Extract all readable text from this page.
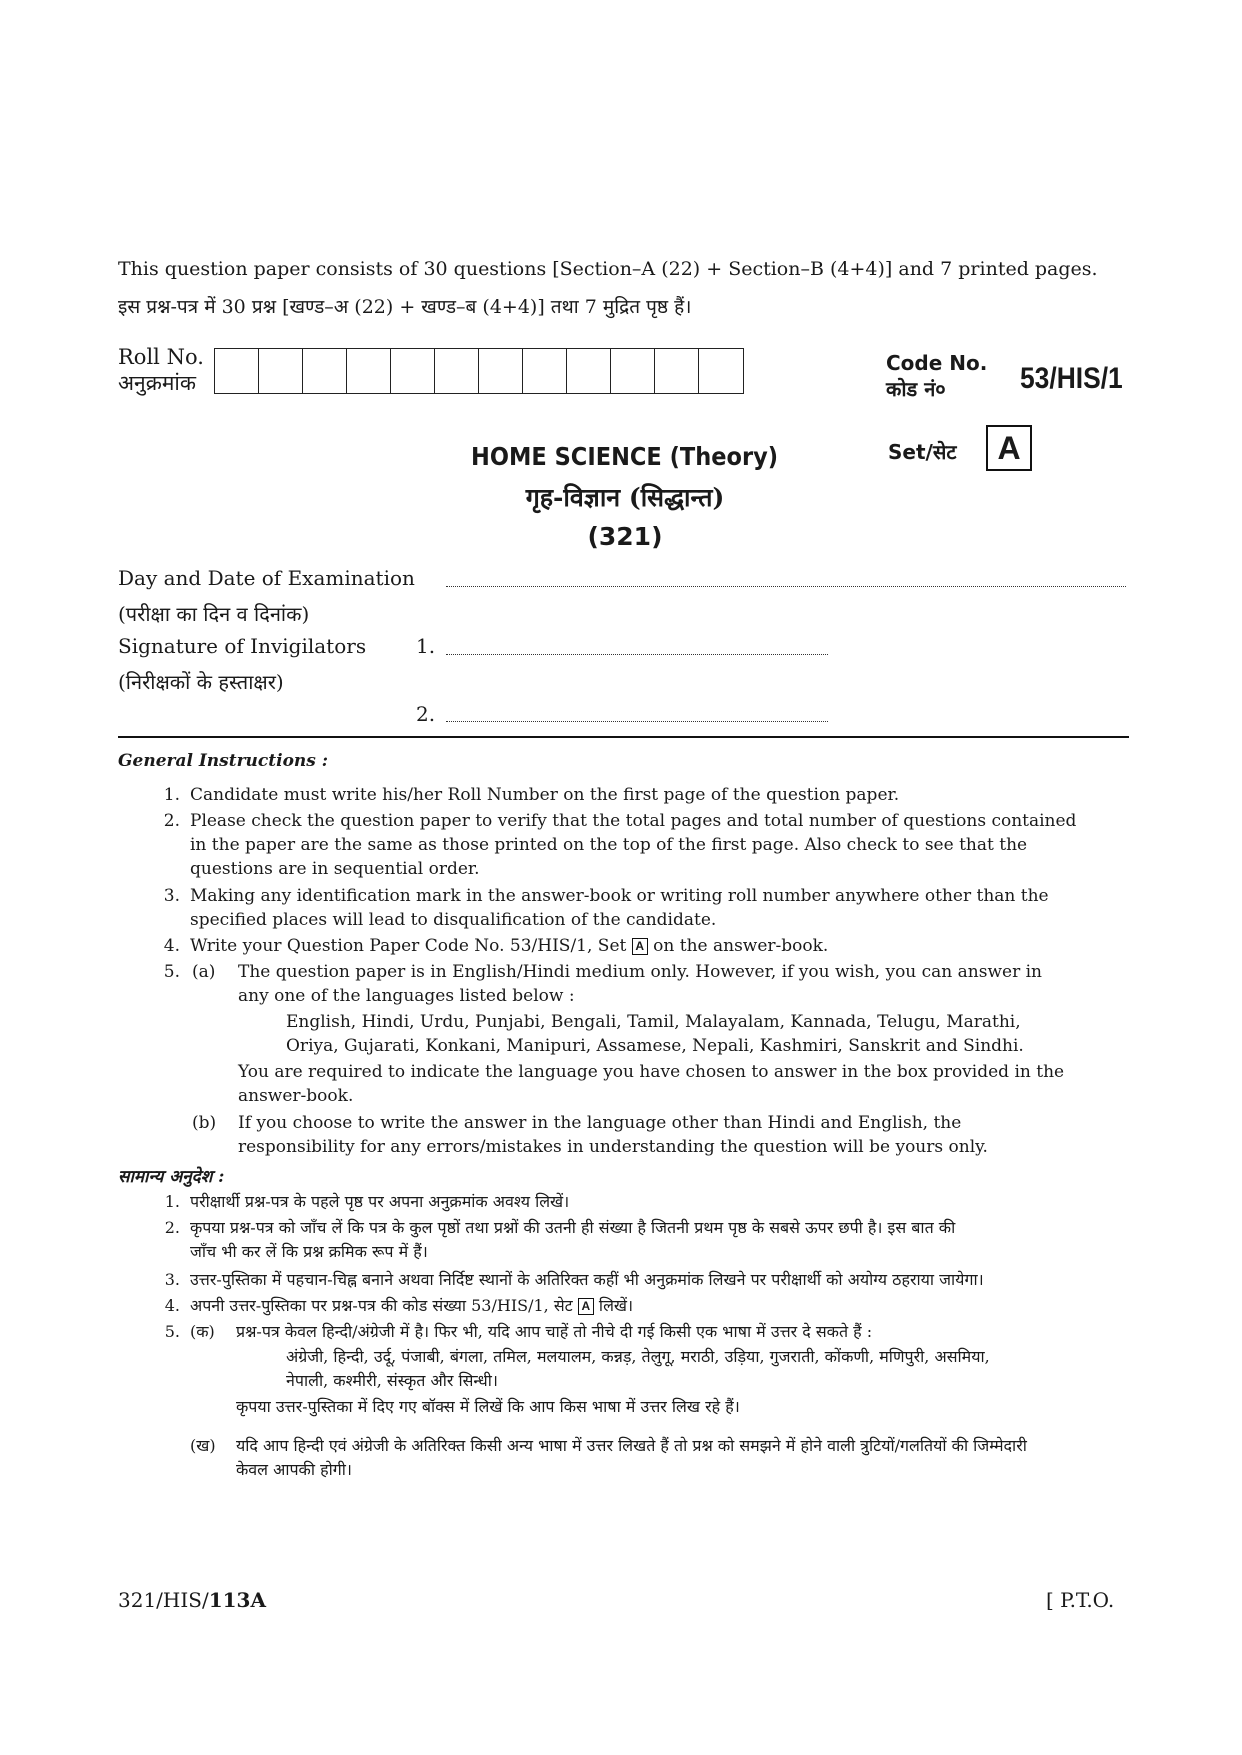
This question paper consists of 30 questions [Section–A (22) + Section–B (4+4)] and 7 printed pages.
इस प्रश्न-पत्र में 30 प्रश्न [खण्ड–अ (22) + खण्ड–ब (4+4)] तथा 7 मुद्रित पृष्ठ हैं।
Roll No.
अनुक्रमांक
Code No.
कोड नं०	53/HIS/1
Set/सेट	A
HOME SCIENCE (Theory)
गृह-विज्ञान (सिद्धान्त)
(321)
Day and Date of Examination
(परीक्षा का दिन व दिनांक)
Signature of Invigilators 1.
(निरीक्षकों के हस्ताक्षर)
2.
General Instructions :
1. Candidate must write his/her Roll Number on the first page of the question paper.
2. Please check the question paper to verify that the total pages and total number of questions contained
in the paper are the same as those printed on the top of the first page. Also check to see that the
questions are in sequential order.
3. Making any identification mark in the answer-book or writing roll number anywhere other than the
specified places will lead to disqualification of the candidate.
4. Write your Question Paper Code No. 53/HIS/1, Set A on the answer-book.
5. (a) The question paper is in English/Hindi medium only. However, if you wish, you can answer in
any one of the languages listed below :
English, Hindi, Urdu, Punjabi, Bengali, Tamil, Malayalam, Kannada, Telugu, Marathi,
Oriya, Gujarati, Konkani, Manipuri, Assamese, Nepali, Kashmiri, Sanskrit and Sindhi.
You are required to indicate the language you have chosen to answer in the box provided in the
answer-book.
(b) If you choose to write the answer in the language other than Hindi and English, the
responsibility for any errors/mistakes in understanding the question will be yours only.
सामान्य अनुदेश :
1. परीक्षार्थी प्रश्न-पत्र के पहले पृष्ठ पर अपना अनुक्रमांक अवश्य लिखें।
2. कृपया प्रश्न-पत्र को जाँच लें कि पत्र के कुल पृष्ठों तथा प्रश्नों की उतनी ही संख्या है जितनी प्रथम पृष्ठ के सबसे ऊपर छपी है। इस बात की
जाँच भी कर लें कि प्रश्न क्रमिक रूप में हैं।
3. उत्तर-पुस्तिका में पहचान-चिह्न बनाने अथवा निर्दिष्ट स्थानों के अतिरिक्त कहीं भी अनुक्रमांक लिखने पर परीक्षार्थी को अयोग्य ठहराया जायेगा।
4. अपनी उत्तर-पुस्तिका पर प्रश्न-पत्र की कोड संख्या 53/HIS/1, सेट A लिखें।
5. (क) प्रश्न-पत्र केवल हिन्दी/अंग्रेजी में है। फिर भी, यदि आप चाहें तो नीचे दी गई किसी एक भाषा में उत्तर दे सकते हैं :
अंग्रेजी, हिन्दी, उर्दू, पंजाबी, बंगला, तमिल, मलयालम, कन्नड़, तेलुगू, मराठी, उड़िया, गुजराती, कोंकणी, मणिपुरी, असमिया,
नेपाली, कश्मीरी, संस्कृत और सिन्धी।
कृपया उत्तर-पुस्तिका में दिए गए बॉक्स में लिखें कि आप किस भाषा में उत्तर लिख रहे हैं।
(ख) यदि आप हिन्दी एवं अंग्रेजी के अतिरिक्त किसी अन्य भाषा में उत्तर लिखते हैं तो प्रश्न को समझने में होने वाली त्रुटियों/गलतियों की जिम्मेदारी
केवल आपकी होगी।
321/HIS/113A	[ P.T.O.
